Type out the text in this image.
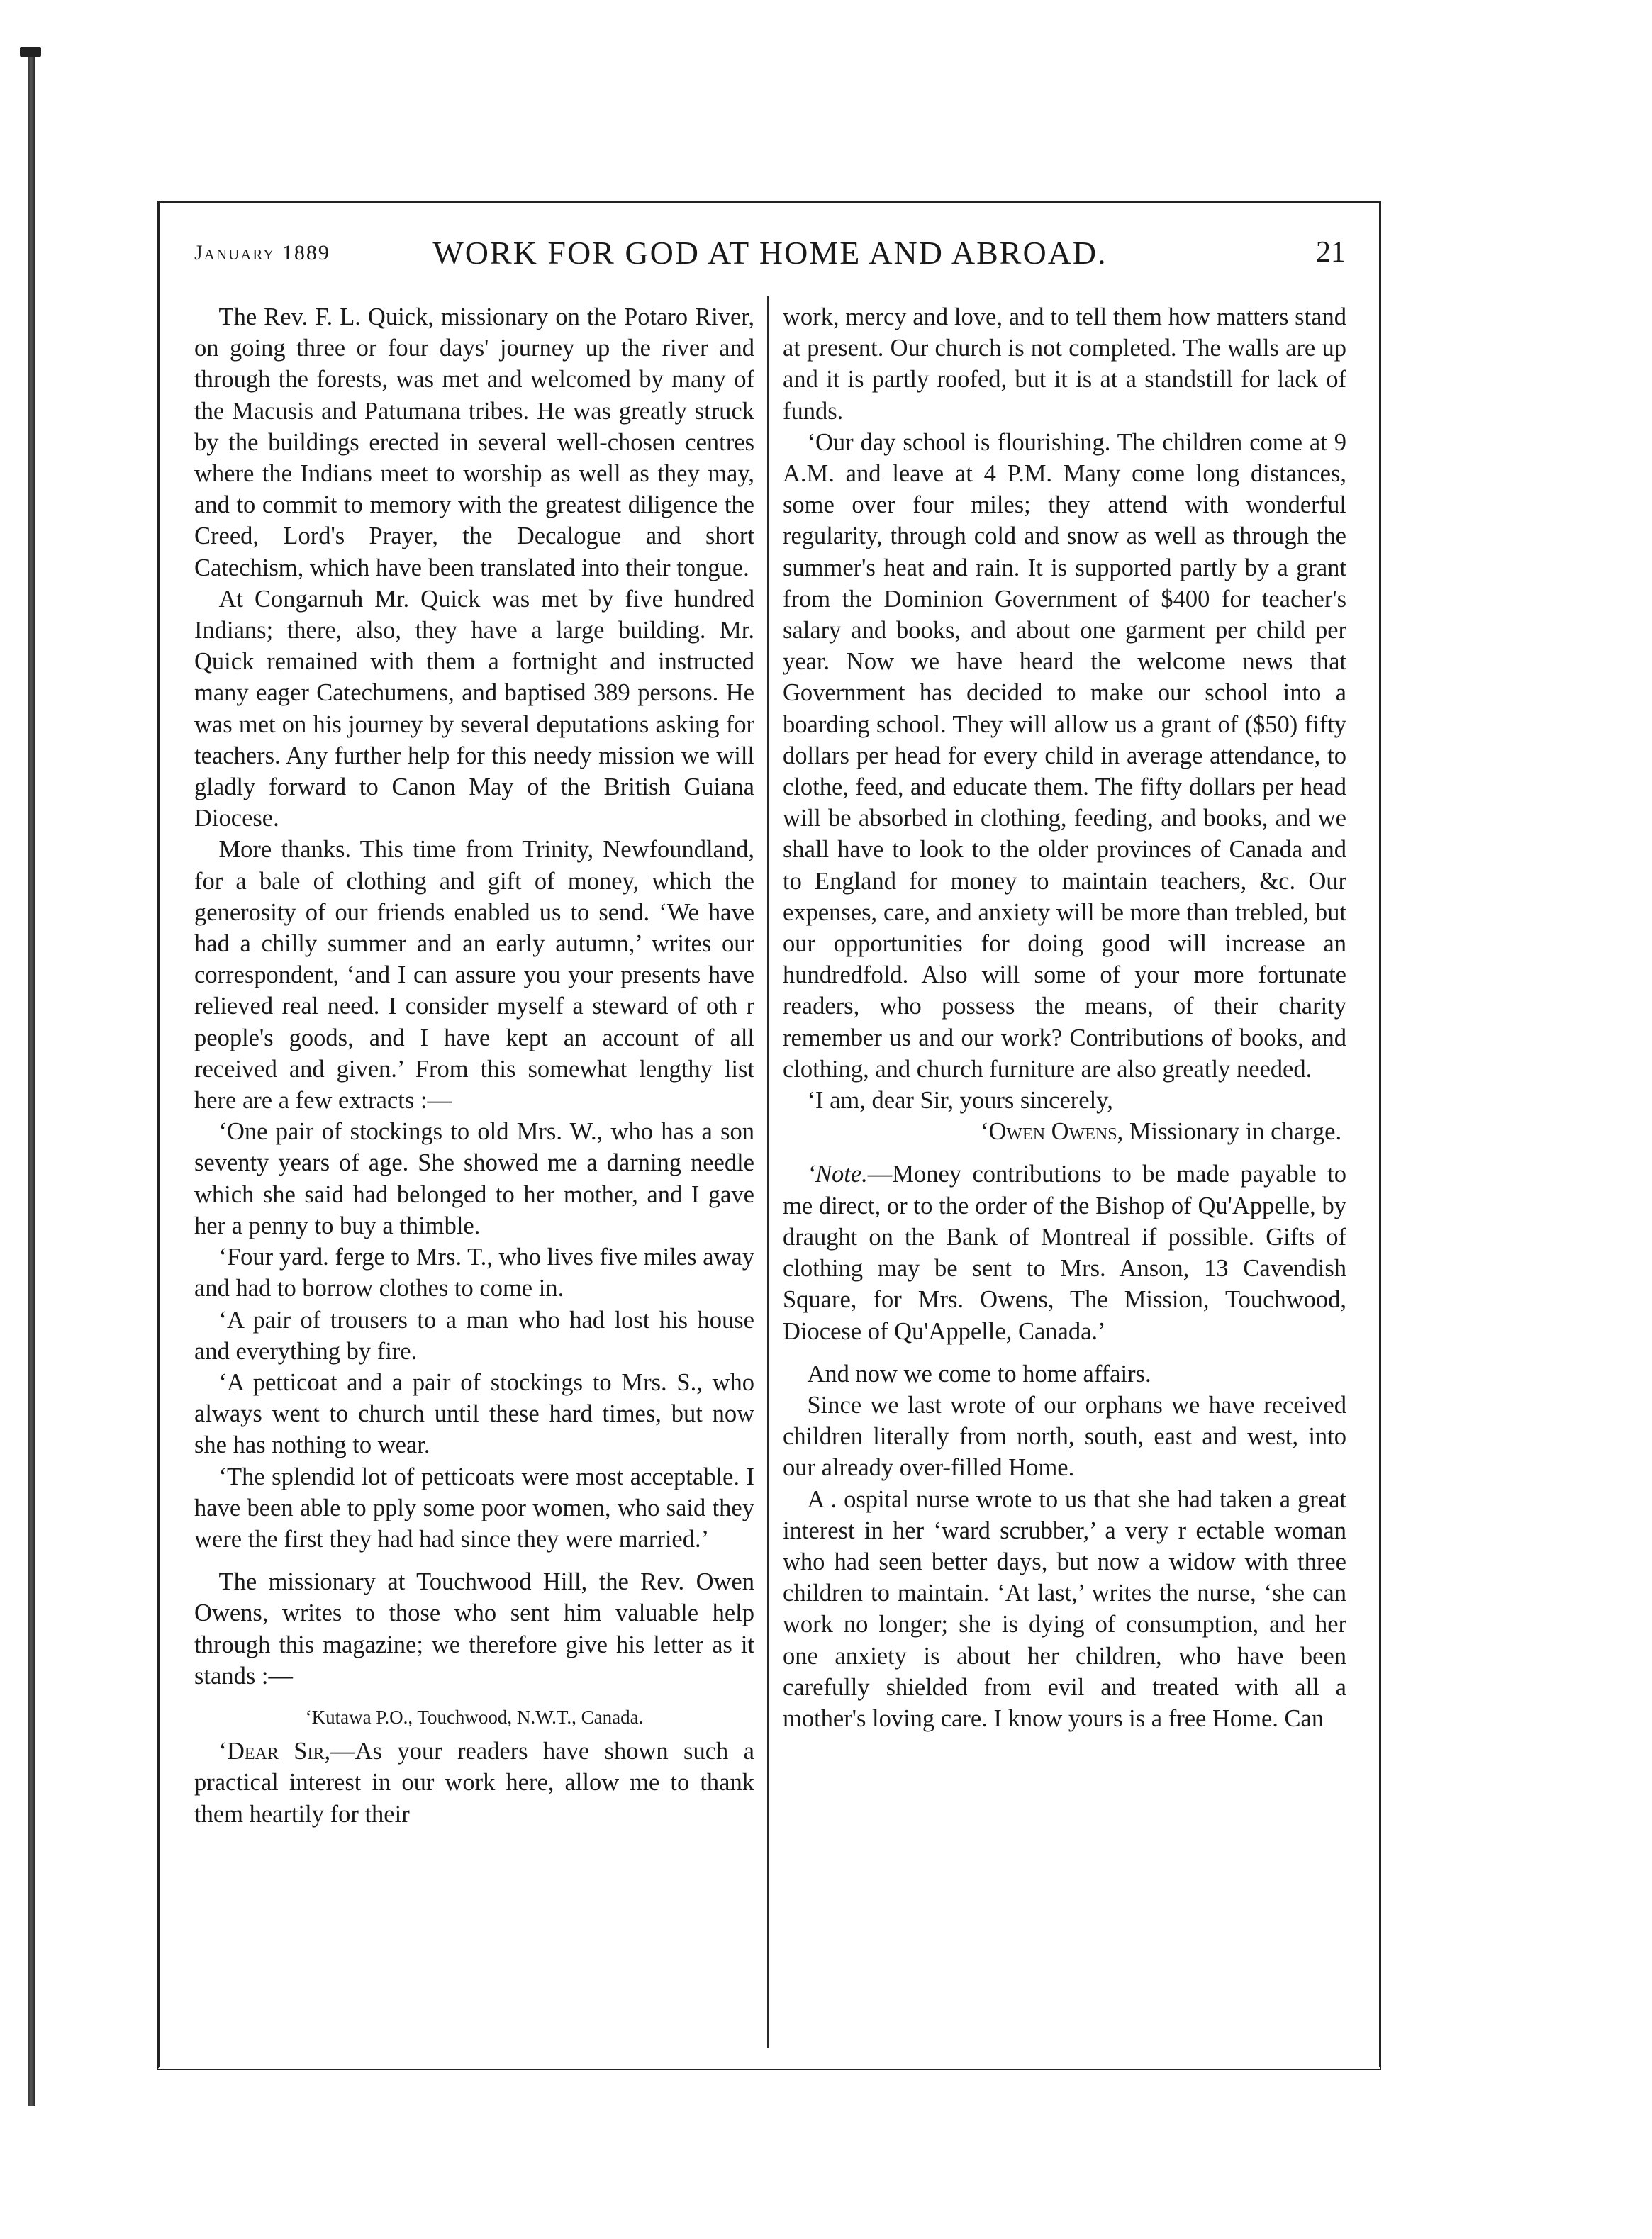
January 1889	WORK FOR GOD AT HOME AND ABROAD.	21

The Rev. F. L. Quick, missionary on the Potaro River, on going three or four days' journey up the river and through the forests, was met and welcomed by many of the Macusis and Patumana tribes. He was greatly struck by the buildings erected in several well-chosen centres where the Indians meet to worship as well as they may, and to commit to memory with the greatest diligence the Creed, Lord's Prayer, the Decalogue and short Catechism, which have been translated into their tongue.

At Congarnuh Mr. Quick was met by five hundred Indians; there, also, they have a large building. Mr. Quick remained with them a fortnight and instructed many eager Catechumens, and baptised 389 persons. He was met on his journey by several deputations asking for teachers. Any further help for this needy mission we will gladly forward to Canon May of the British Guiana Diocese.

More thanks. This time from Trinity, Newfoundland, for a bale of clothing and gift of money, which the generosity of our friends enabled us to send. ‘We have had a chilly summer and an early autumn,’ writes our correspondent, ‘and I can assure you your presents have relieved real need. I consider myself a steward of oth r people's goods, and I have kept an account of all received and given.’ From this somewhat lengthy list here are a few extracts :—

‘One pair of stockings to old Mrs. W., who has a son seventy years of age. She showed me a darning needle which she said had belonged to her mother, and I gave her a penny to buy a thimble.

‘Four yard. ferge to Mrs. T., who lives five miles away and had to borrow clothes to come in.

‘A pair of trousers to a man who had lost his house and everything by fire.

‘A petticoat and a pair of stockings to Mrs. S., who always went to church until these hard times, but now she has nothing to wear.

‘The splendid lot of petticoats were most acceptable. I have been able to pply some poor women, who said they were the first they had had since they were married.’

The missionary at Touchwood Hill, the Rev. Owen Owens, writes to those who sent him valuable help through this magazine; we therefore give his letter as it stands :—

‘Kutawa P.O., Touchwood, N.W.T., Canada.

‘Dear Sir,—As your readers have shown such a practical interest in our work here, allow me to thank them heartily for their

work, mercy and love, and to tell them how matters stand at present. Our church is not completed. The walls are up and it is partly roofed, but it is at a standstill for lack of funds.

‘Our day school is flourishing. The children come at 9 A.M. and leave at 4 P.M. Many come long distances, some over four miles; they attend with wonderful regularity, through cold and snow as well as through the summer's heat and rain. It is supported partly by a grant from the Dominion Government of $400 for teacher's salary and books, and about one garment per child per year. Now we have heard the welcome news that Government has decided to make our school into a boarding school. They will allow us a grant of ($50) fifty dollars per head for every child in average attendance, to clothe, feed, and educate them. The fifty dollars per head will be absorbed in clothing, feeding, and books, and we shall have to look to the older provinces of Canada and to England for money to maintain teachers, &c. Our expenses, care, and anxiety will be more than trebled, but our opportunities for doing good will increase an hundredfold. Also will some of your more fortunate readers, who possess the means, of their charity remember us and our work? Contributions of books, and clothing, and church furniture are also greatly needed.

‘I am, dear Sir, yours sincerely,

‘Owen Owens, Missionary in charge.

‘Note.—Money contributions to be made payable to me direct, or to the order of the Bishop of Qu'Appelle, by draught on the Bank of Montreal if possible. Gifts of clothing may be sent to Mrs. Anson, 13 Cavendish Square, for Mrs. Owens, The Mission, Touchwood, Diocese of Qu'Appelle, Canada.’

And now we come to home affairs.

Since we last wrote of our orphans we have received children literally from north, south, east and west, into our already over-filled Home.

A . ospital nurse wrote to us that she had taken a great interest in her ‘ward scrubber,’ a very r ectable woman who had seen better days, but now a widow with three children to maintain. ‘At last,’ writes the nurse, ‘she can work no longer; she is dying of consumption, and her one anxiety is about her children, who have been carefully shielded from evil and treated with all a mother's loving care. I know yours is a free Home. Can
